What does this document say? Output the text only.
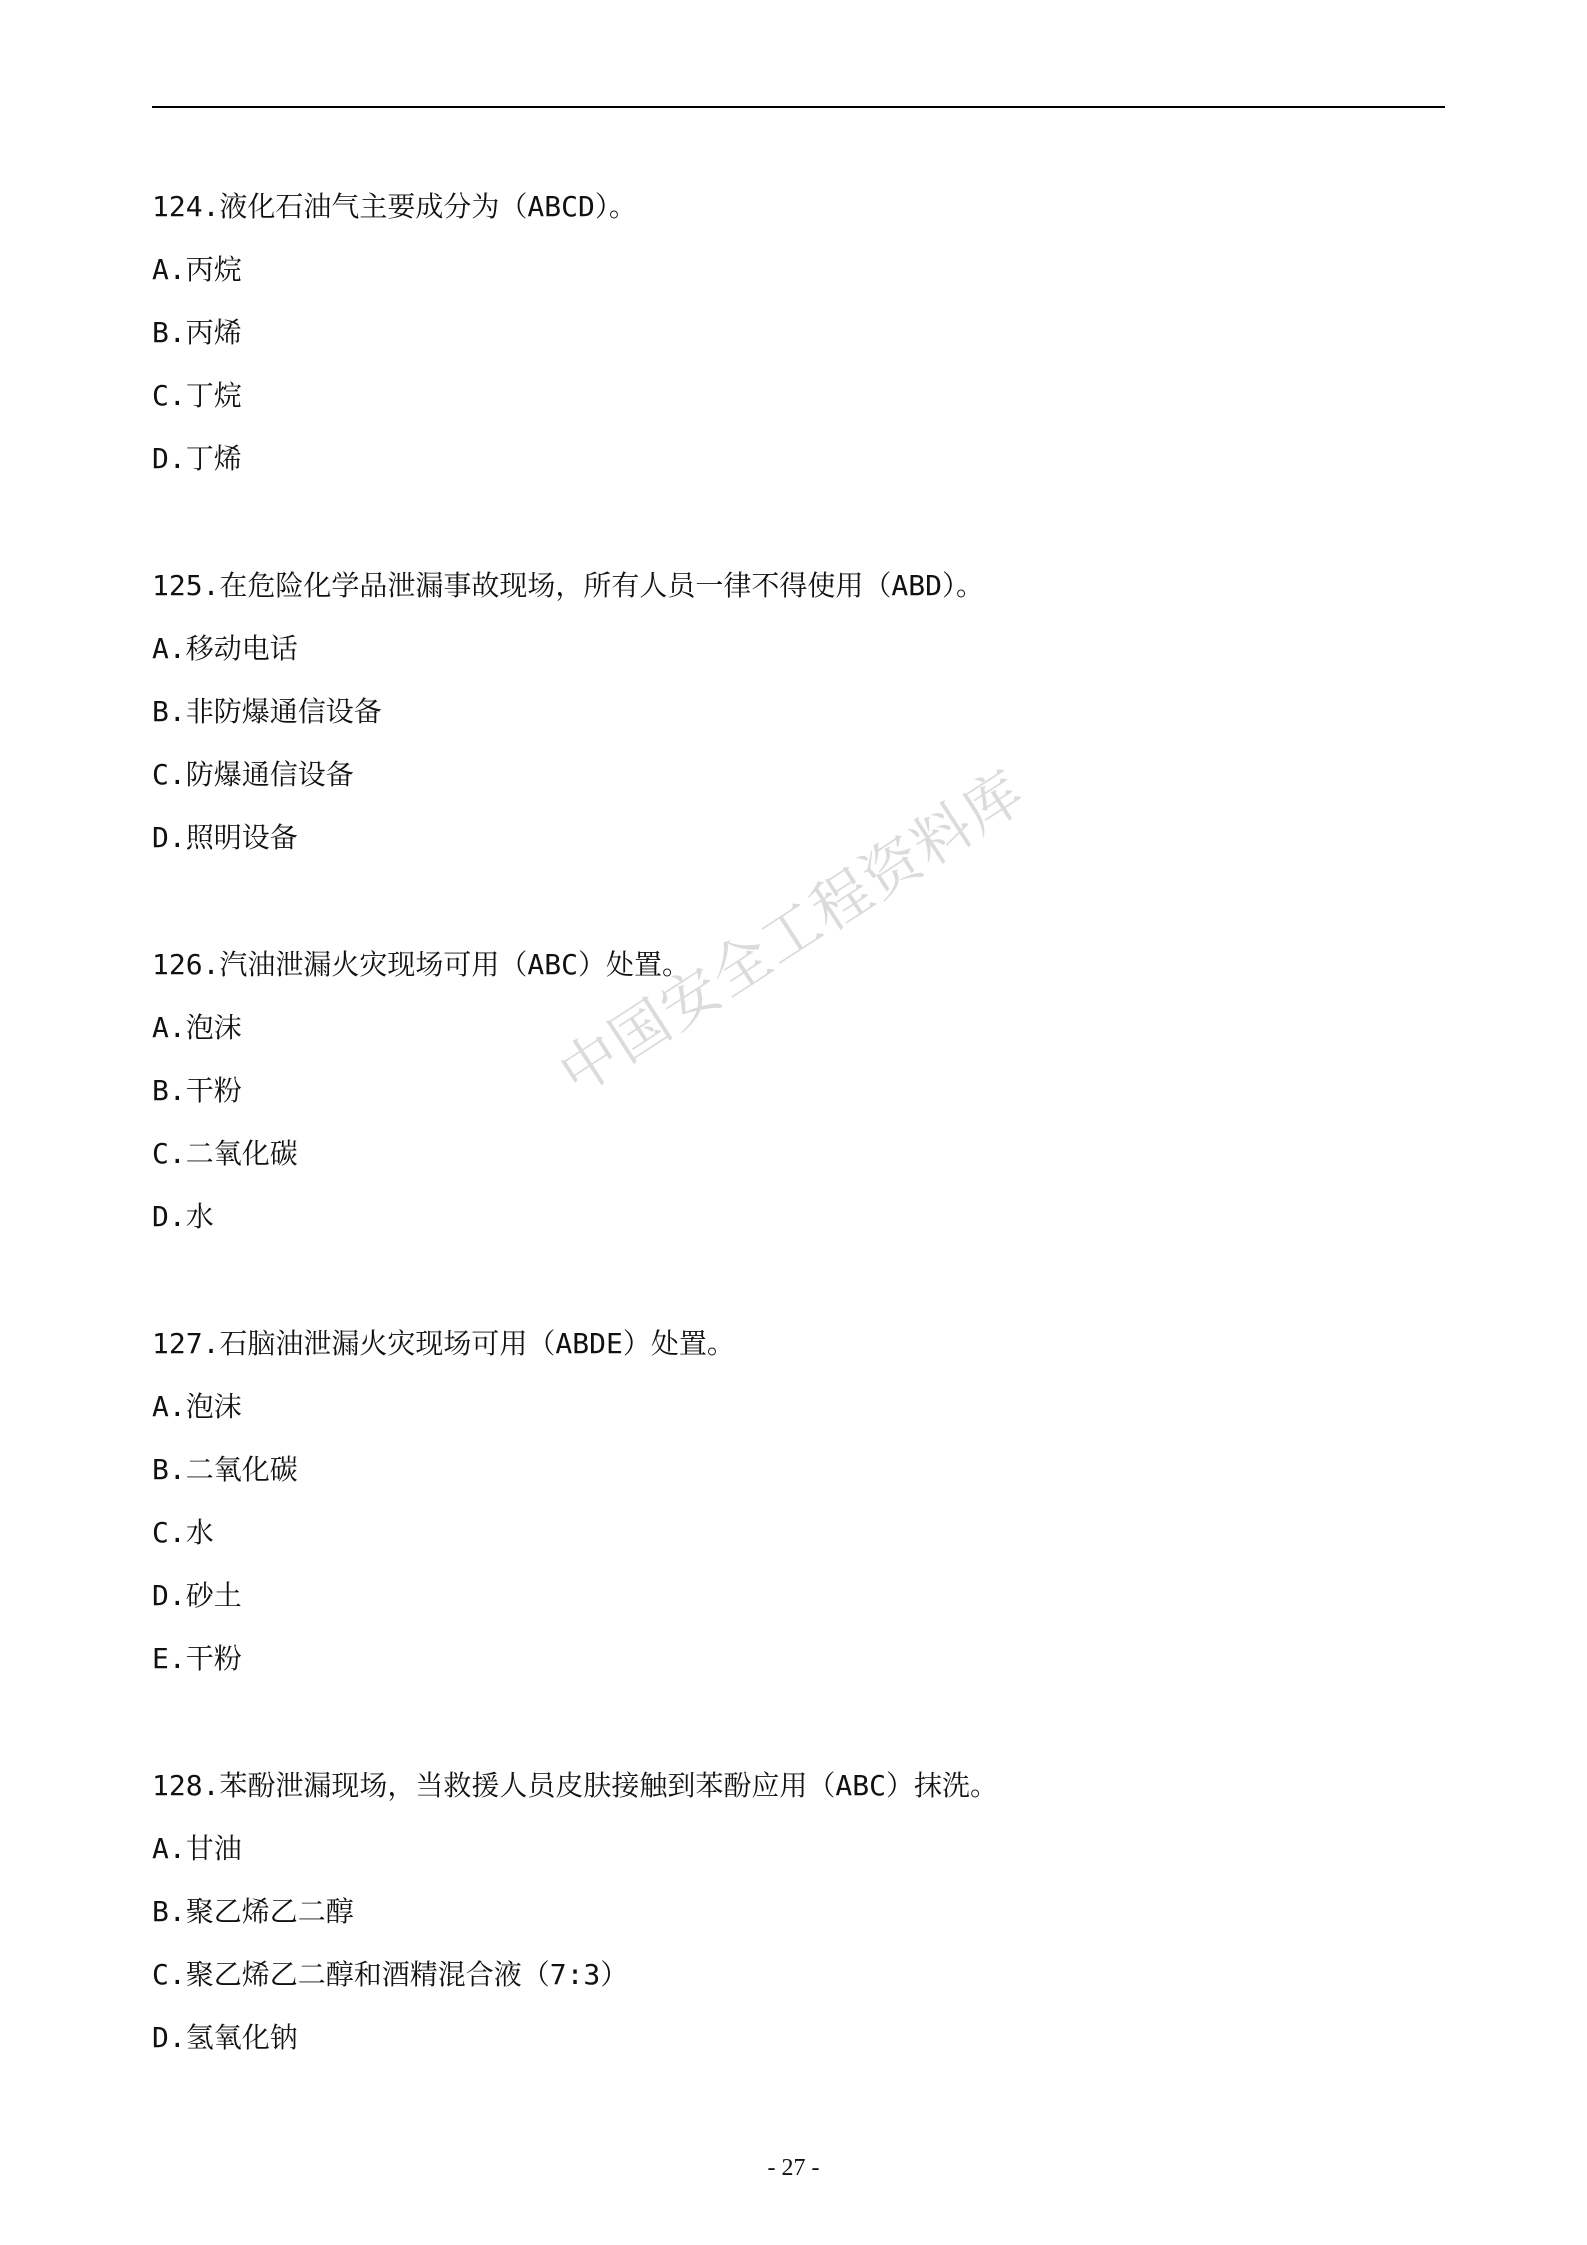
124.液化石油气主要成分为（ABCD）。
A.丙烷
B.丙烯
C.丁烷
D.丁烯
125.在危险化学品泄漏事故现场，所有人员一律不得使用（ABD）。
A.移动电话
B.非防爆通信设备
C.防爆通信设备
D.照明设备
126.汽油泄漏火灾现场可用（ABC）处置。
A.泡沫
B.干粉
C.二氧化碳
D.水
127.石脑油泄漏火灾现场可用（ABDE）处置。
A.泡沫
B.二氧化碳
C.水
D.砂土
E.干粉
128.苯酚泄漏现场，当救援人员皮肤接触到苯酚应用（ABC）抹洗。
A.甘油
B.聚乙烯乙二醇
C.聚乙烯乙二醇和酒精混合液（7:3）
D.氢氧化钠
中国安全工程资料库
- 27 -
